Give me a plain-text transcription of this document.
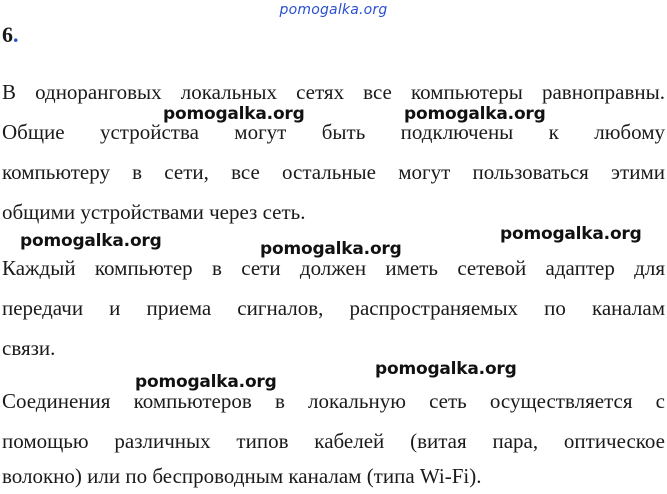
pomogalka.org
6.
В одноранговых локальных сетях все компьютеры равноправны.
Общие устройства могут быть подключены к любому
компьютеру в сети, все остальные могут пользоваться этими
общими устройствами через сеть.
Каждый компьютер в сети должен иметь сетевой адаптер для
передачи и приема сигналов, распространяемых по каналам
связи.
Соединения компьютеров в локальную сеть осуществляется с
помощью различных типов кабелей (витая пара, оптическое
волокно) или по беспроводным каналам (типа Wi-Fi).
pomogalka.org	pomogalka.org
pomogalka.org	pomogalka.org
pomogalka.org
pomogalka.org
pomogalka.org
